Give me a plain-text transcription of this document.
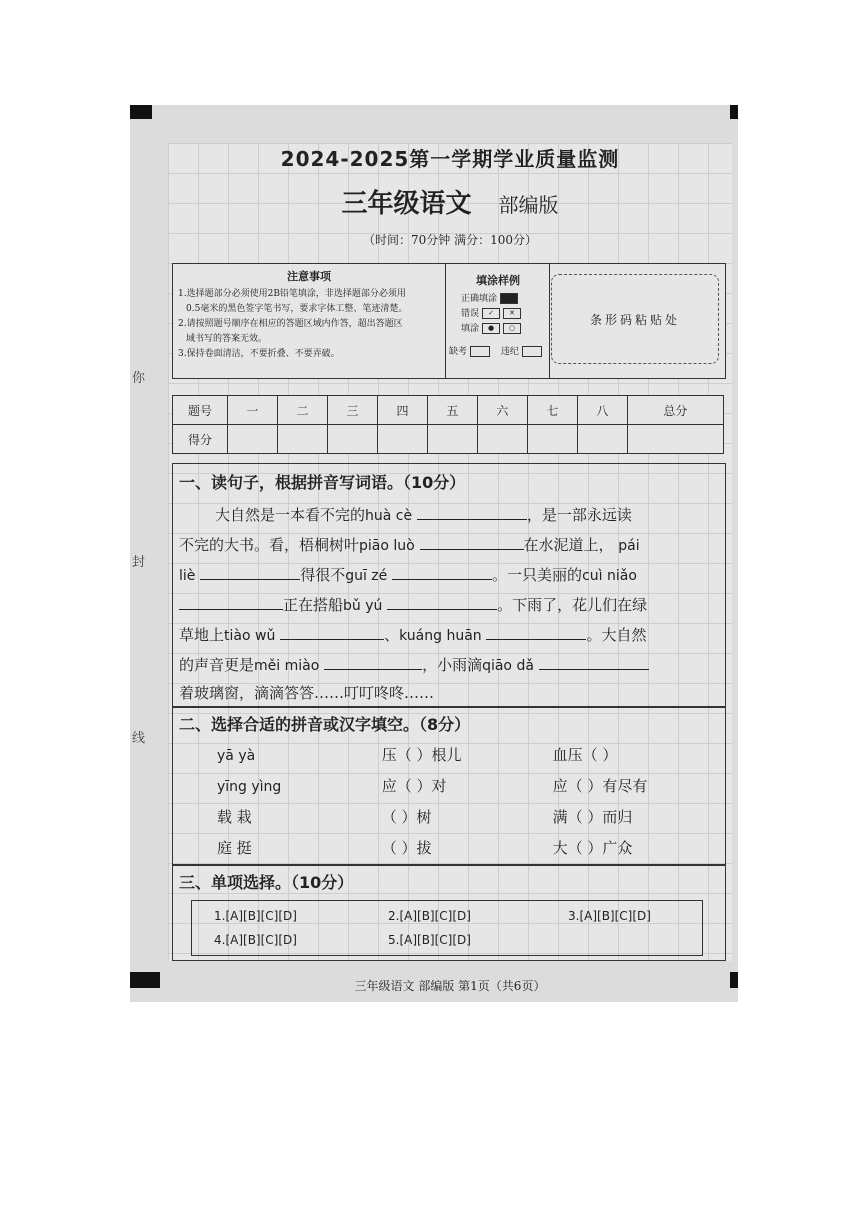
你
封
线
2024-2025第一学期学业质量监测
三年级语文 部编版
（时间：70分钟 满分：100分）
注意事项
1.选择题部分必须使用2B铅笔填涂，非选择题部分必须用
0.5毫米的黑色签字笔书写，要求字体工整、笔迹清楚。
2.请按照题号顺序在相应的答题区域内作答，超出答题区
域书写的答案无效。
3.保持卷面清洁，不要折叠、不要弄破。
填涂样例
正确填涂
错误 ✓ ✕
填涂 ● ○
缺考	违纪
条形码粘贴处
题号	一	二	三	四	五	六	七	八	总分
得分									
一、读句子，根据拼音写词语。（10分）
大自然是一本看不完的huà cè	，是一部永远读
不完的大书。看，梧桐树叶piāo luò	在水泥道上， pái
liè	得很不guī zé	。一只美丽的cuì niǎo
正在搭船bǔ yú	。下雨了，花儿们在绿
草地上tiào wǔ	、kuáng huān	。大自然
的声音更是měi miào	，小雨滴qiāo dǎ
着玻璃窗，滴滴答答……叮叮咚咚……
二、选择合适的拼音或汉字填空。（8分）
yā yà	压（ ）根儿	血压（ ）
yīng yìng	应（ ）对	应（ ）有尽有
载 栽	（ ）树	满（ ）而归
庭 挺	（ ）拔	大（ ）广众
三、单项选择。（10分）
1.[A][B][C][D]	2.[A][B][C][D]	3.[A][B][C][D]
4.[A][B][C][D]	5.[A][B][C][D]
三年级语文 部编版 第1页（共6页）
